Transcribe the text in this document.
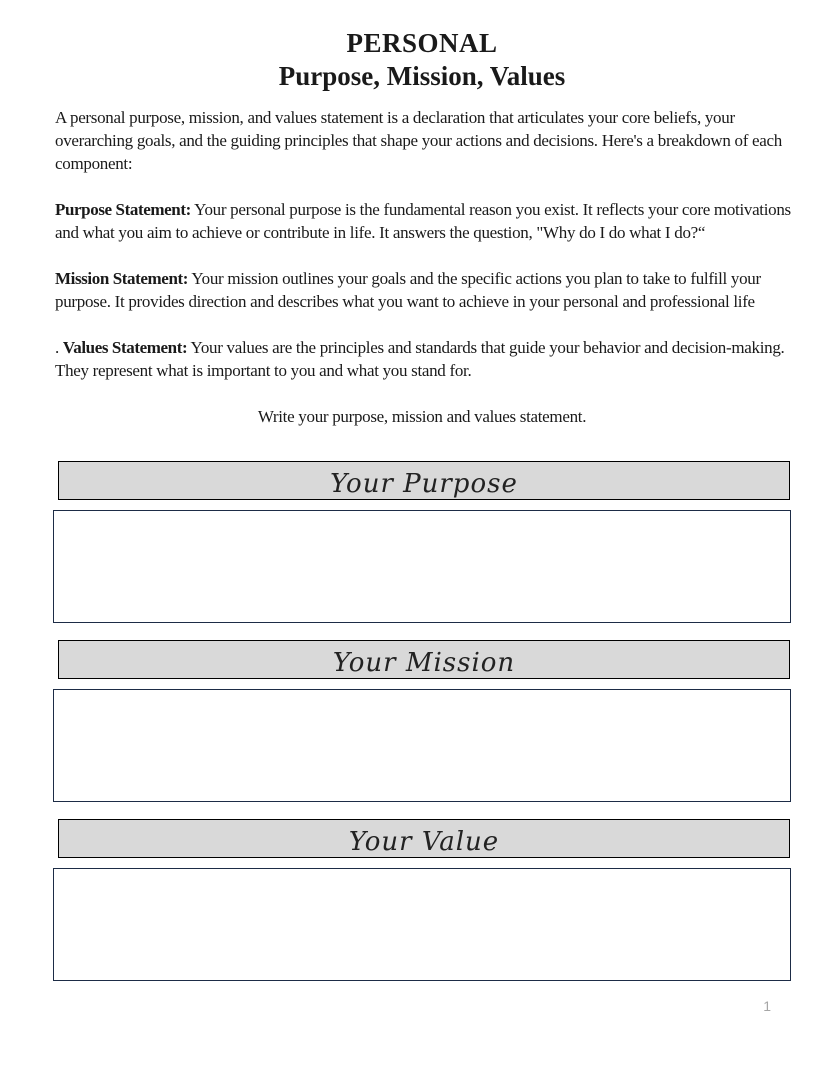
PERSONAL
Purpose, Mission, Values

A personal purpose, mission, and values statement is a declaration that articulates your core beliefs, your overarching goals, and the guiding principles that shape your actions and decisions. Here's a breakdown of each component:

Purpose Statement: Your personal purpose is the fundamental reason you exist. It reflects your core motivations and what you aim to achieve or contribute in life. It answers the question, "Why do I do what I do?“

Mission Statement: Your mission outlines your goals and the specific actions you plan to take to fulfill your purpose. It provides direction and describes what you want to achieve in your personal and professional life

. Values Statement: Your values are the principles and standards that guide your behavior and decision-making. They represent what is important to you and what you stand for.

Write your purpose, mission and values statement.

Your Purpose
Your Mission
Your Value
1
